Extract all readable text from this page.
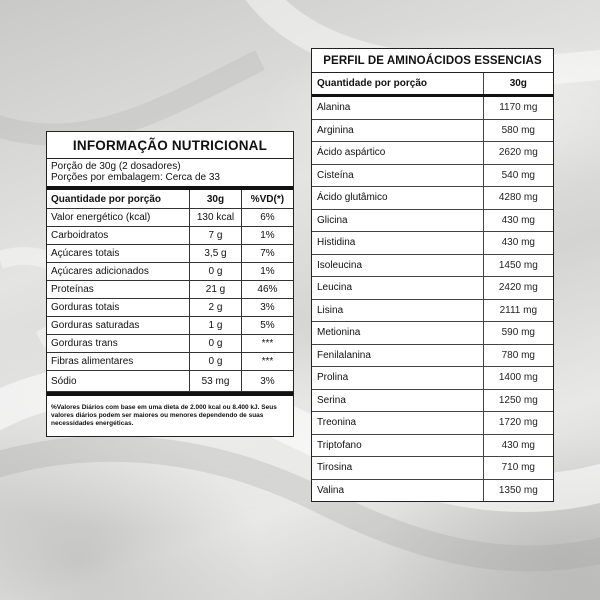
INFORMAÇÃO NUTRICIONAL
Porção de 30g (2 dosadores)
Porções por embalagem: Cerca de 33
Quantidade por porção	30g	%VD(*)
Valor energético (kcal)	130 kcal	6%
Carboidratos	7 g	1%
Açúcares totais	3,5 g	7%
Açúcares adicionados	0 g	1%
Proteínas	21 g	46%
Gorduras totais	2 g	3%
Gorduras saturadas	1 g	5%
Gorduras trans	0 g	***
Fibras alimentares	0 g	***
Sódio	53 mg	3%
%Valores Diários com base em uma dieta de 2.000 kcal ou 8.400 kJ. Seus valores diários podem ser maiores ou menores dependendo de suas necessidades energéticas.
PERFIL DE AMINOÁCIDOS ESSENCIAS
Quantidade por porção	30g
Alanina	1170 mg
Arginina	580 mg
Ácido aspártico	2620 mg
Cisteína	540 mg
Ácido glutâmico	4280 mg
Glicina	430 mg
Histidina	430 mg
Isoleucina	1450 mg
Leucina	2420 mg
Lisina	2111 mg
Metionina	590 mg
Fenilalanina	780 mg
Prolina	1400 mg
Serina	1250 mg
Treonina	1720 mg
Triptofano	430 mg
Tirosina	710 mg
Valina	1350 mg
